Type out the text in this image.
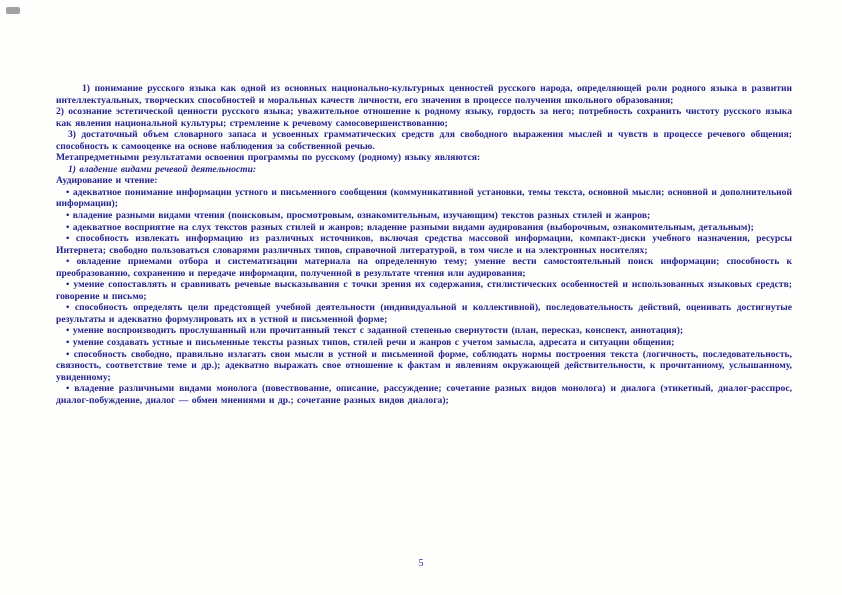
1) понимание русского языка как одной из основных национально-культурных ценностей русского народа, определяющей роли родного языка в развитии интеллектуальных, творческих способностей и моральных качеств личности, его значения в процессе получения школьного образования;

2) осознание эстетической ценности русского языка; уважительное отношение к родному языку, гордость за него; потребность сохранить чистоту русского языка как явления национальной культуры; стремление к речевому самосовершенствованию;

3) достаточный объем словарного запаса и усвоенных грамматических средств для свободного выражения мыслей и чувств в процессе речевого общения; способность к самооценке на основе наблюдения за собственной речью.

Метапредметными результатами освоения программы по русскому (родному) языку являются:

1) владение видами речевой деятельности:

Аудирование и чтение:

• адекватное понимание информации устного и письменного сообщения (коммуникативной установки, темы текста, основной мысли; основной и дополнительной информации);

• владение разными видами чтения (поисковым, просмотровым, ознакомительным, изучающим) текстов разных стилей и жанров;

• адекватное восприятие на слух текстов разных стилей и жанров; владение разными видами аудирования (выборочным, ознакомительным, детальным);

• способность извлекать информацию из различных источников, включая средства массовой информации, компакт-диски учебного назначения, ресурсы Интернета; свободно пользоваться словарями различных типов, справочной литературой, в том числе и на электронных носителях;

• овладение приемами отбора и систематизации материала на определенную тему; умение вести самостоятельный поиск информации; способность к преобразованию, сохранению и передаче информации, полученной в результате чтения или аудирования;

• умение сопоставлять и сравнивать речевые высказывания с точки зрения их содержания, стилистических особенностей и использованных языковых средств; говорение и письмо;

• способность определять цели предстоящей учебной деятельности (индивидуальной и коллективной), последовательность действий, оценивать достигнутые результаты и адекватно формулировать их в устной и письменной форме;

• умение воспроизводить прослушанный или прочитанный текст с заданной степенью свернутости (план, пересказ, конспект, аннотация);

• умение создавать устные и письменные тексты разных типов, стилей речи и жанров с учетом замысла, адресата и ситуации общения;

• способность свободно, правильно излагать свои мысли в устной и письменной форме, соблюдать нормы построения текста (логичность, последовательность, связность, соответствие теме и др.); адекватно выражать свое отношение к фактам и явлениям окружающей действительности, к прочитанному, услышанному, увиденному;

• владение различными видами монолога (повествование, описание, рассуждение; сочетание разных видов монолога) и диалога (этикетный, диалог-расспрос, диалог-побуждение, диалог — обмен мнениями и др.; сочетание разных видов диалога);

5
